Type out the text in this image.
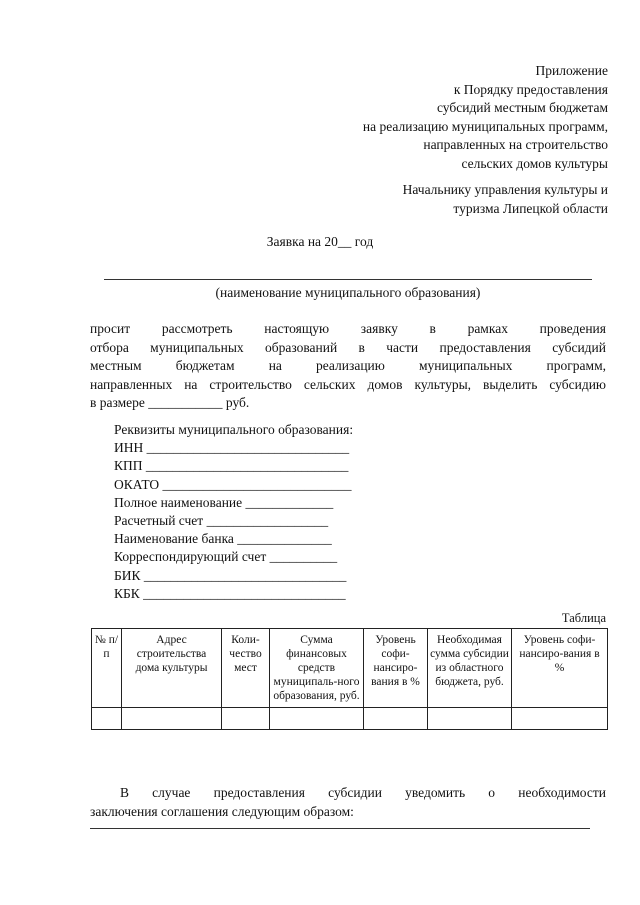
Приложение
к Порядку предоставления
субсидий местным бюджетам
на реализацию муниципальных программ,
направленных на строительство
сельских домов культуры
Начальнику управления культуры и
туризма Липецкой области
Заявка на 20__ год
(наименование муниципального образования)

просит рассмотреть настоящую заявку в рамках проведения

отбора муниципальных образований в части предоставления субсидий

местным бюджетам на реализацию муниципальных программ,

направленных на строительство сельских домов культуры, выделить субсидию

в размере ___________ руб.

Реквизиты муниципального образования:
ИНН ______________________________
КПП ______________________________
ОКАТО ____________________________
Полное наименование _____________
Расчетный счет __________________
Наименование банка ______________
Корреспондирующий счет __________
БИК ______________________________
КБК ______________________________
Таблица
№ п/п	Адрес строительства дома культуры	Коли-чество мест	Сумма финансовых средств муниципаль-ного образования, руб.	Уровень софи-нансиро-вания в %	Необходимая сумма субсидии из областного бюджета, руб.	Уровень софи-нансиро-вания в %

В случае предоставления субсидии уведомить о необходимости
заключения соглашения следующим образом:
